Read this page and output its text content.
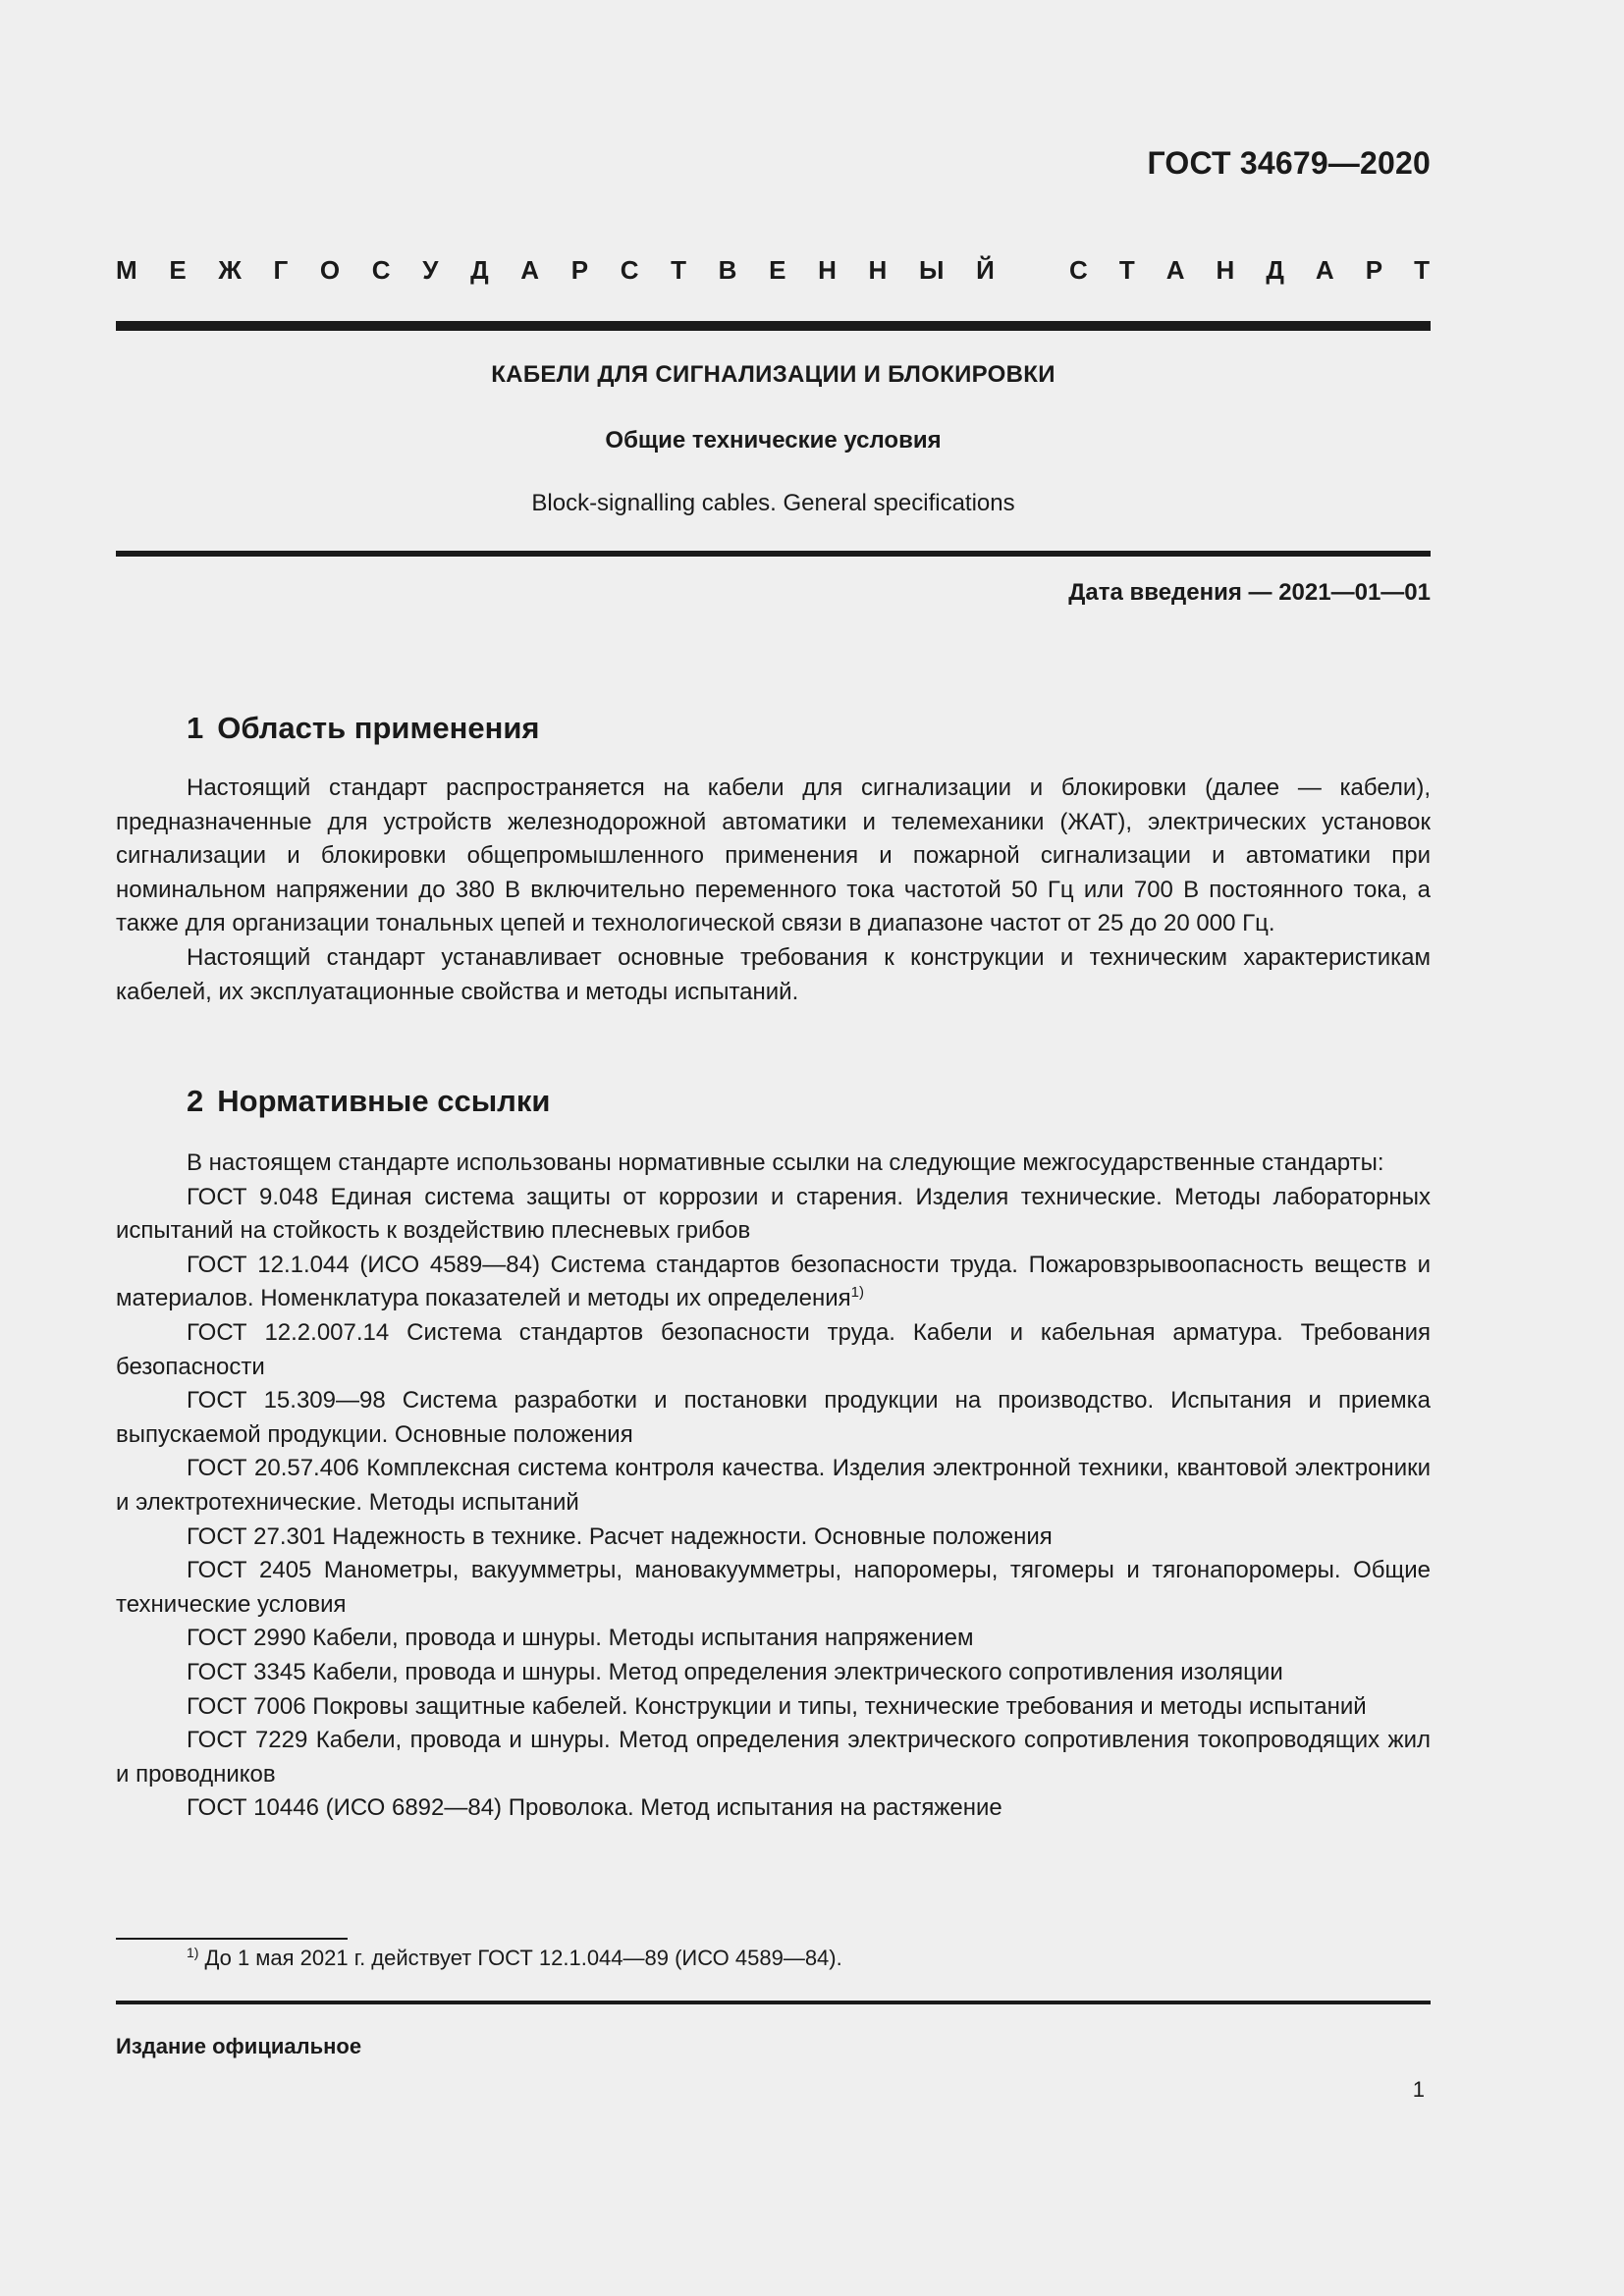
ГОСТ 34679—2020
М Е Ж Г О С У Д А Р С Т В Е Н Н Ы Й	С Т А Н Д А Р Т
КАБЕЛИ ДЛЯ СИГНАЛИЗАЦИИ И БЛОКИРОВКИ
Общие технические условия
Block-signalling cables. General specifications
Дата введения — 2021—01—01
1 Область применения

Настоящий стандарт распространяется на кабели для сигнализации и блокировки (далее — кабели), предназначенные для устройств железнодорожной автоматики и телемеханики (ЖАТ), электрических установок сигнализации и блокировки общепромышленного применения и пожарной сигнализации и автоматики при номинальном напряжении до 380 В включительно переменного тока частотой 50 Гц или 700 В постоянного тока, а также для организации тональных цепей и технологической связи в диапазоне частот от 25 до 20 000 Гц.

Настоящий стандарт устанавливает основные требования к конструкции и техническим характеристикам кабелей, их эксплуатационные свойства и методы испытаний.

2 Нормативные ссылки

В настоящем стандарте использованы нормативные ссылки на следующие межгосударственные стандарты:

ГОСТ 9.048 Единая система защиты от коррозии и старения. Изделия технические. Методы лабораторных испытаний на стойкость к воздействию плесневых грибов

ГОСТ 12.1.044 (ИСО 4589—84) Система стандартов безопасности труда. Пожаровзрывоопасность веществ и материалов. Номенклатура показателей и методы их определения$^{1)}$

ГОСТ 12.2.007.14 Система стандартов безопасности труда. Кабели и кабельная арматура. Требования безопасности

ГОСТ 15.309—98 Система разработки и постановки продукции на производство. Испытания и приемка выпускаемой продукции. Основные положения

ГОСТ 20.57.406 Комплексная система контроля качества. Изделия электронной техники, квантовой электроники и электротехнические. Методы испытаний

ГОСТ 27.301 Надежность в технике. Расчет надежности. Основные положения

ГОСТ 2405 Манометры, вакуумметры, мановакуумметры, напоромеры, тягомеры и тягонапоромеры. Общие технические условия

ГОСТ 2990 Кабели, провода и шнуры. Методы испытания напряжением

ГОСТ 3345 Кабели, провода и шнуры. Метод определения электрического сопротивления изоляции

ГОСТ 7006 Покровы защитные кабелей. Конструкции и типы, технические требования и методы испытаний

ГОСТ 7229 Кабели, провода и шнуры. Метод определения электрического сопротивления токопроводящих жил и проводников

ГОСТ 10446 (ИСО 6892—84) Проволока. Метод испытания на растяжение

$^{1)}$ До 1 мая 2021 г. действует ГОСТ 12.1.044—89 (ИСО 4589—84).
Издание официальное
1
